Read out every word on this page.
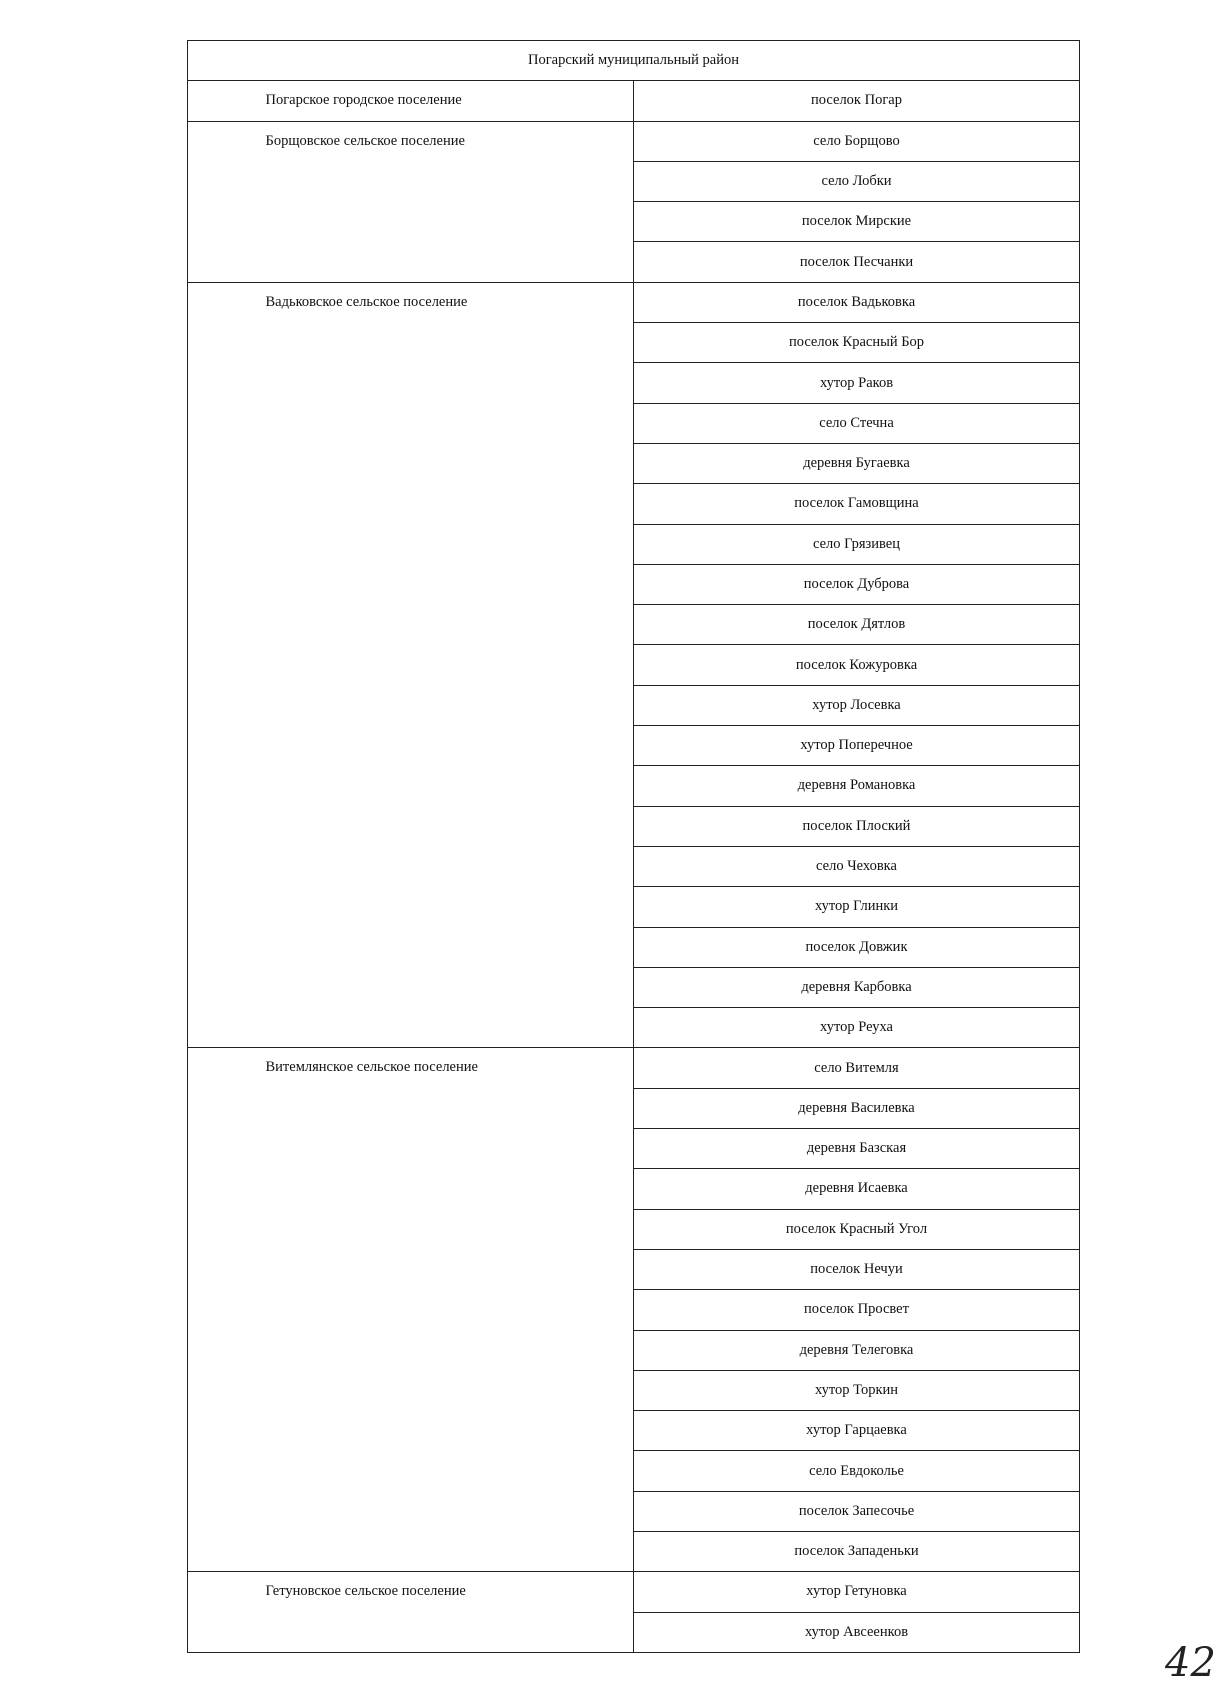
Погарский муниципальный район	
Погарское городское поселение	поселок Погар
Борщовское сельское поселение	село Борщово
	село Лобки
	поселок Мирские
	поселок Песчанки
Вадьковское сельское поселение	поселок Вадьковка
	поселок Красный Бор
	хутор Раков
	село Стечна
	деревня Бугаевка
	поселок Гамовщина
	село Грязивец
	поселок Дуброва
	поселок Дятлов
	поселок Кожуровка
	хутор Лосевка
	хутор Поперечное
	деревня Романовка
	поселок Плоский
	село Чеховка
	хутор Глинки
	поселок Довжик
	деревня Карбовка
	хутор Реуха
Витемлянское сельское поселение	село Витемля
	деревня Василевка
	деревня Базская
	деревня Исаевка
	поселок Красный Угол
	поселок Нечуи
	поселок Просвет
	деревня Телеговка
	хутор Торкин
	хутор Гарцаевка
	село Евдоколье
	поселок Запесочье
	поселок Западеньки
Гетуновское сельское поселение	хутор Гетуновка
	хутор Авсеенков
42
